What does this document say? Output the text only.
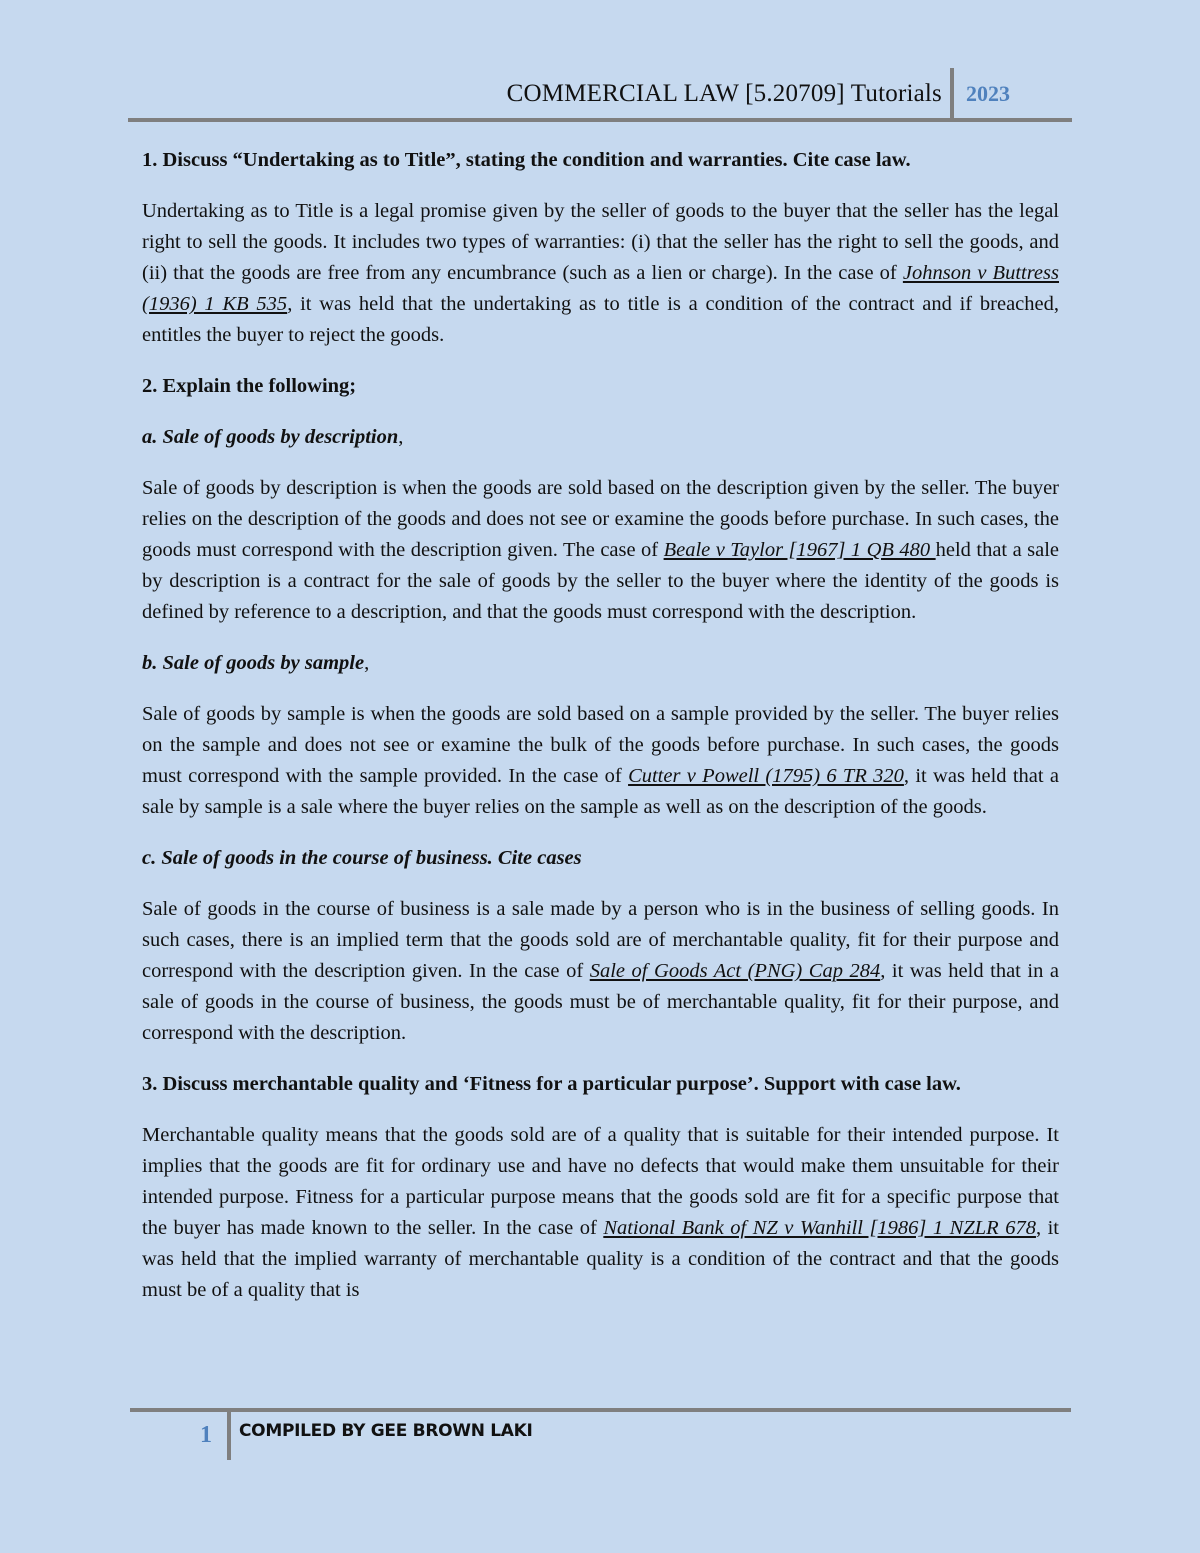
COMMERCIAL LAW [5.20709] Tutorials 2023

1. Discuss “Undertaking as to Title”, stating the condition and warranties. Cite case law.

Undertaking as to Title is a legal promise given by the seller of goods to the buyer that the seller has the legal right to sell the goods. It includes two types of warranties: (i) that the seller has the right to sell the goods, and (ii) that the goods are free from any encumbrance (such as a lien or charge). In the case of Johnson v Buttress (1936) 1 KB 535, it was held that the undertaking as to title is a condition of the contract and if breached, entitles the buyer to reject the goods.

2. Explain the following;

a. Sale of goods by description,

Sale of goods by description is when the goods are sold based on the description given by the seller. The buyer relies on the description of the goods and does not see or examine the goods before purchase. In such cases, the goods must correspond with the description given. The case of Beale v Taylor [1967] 1 QB 480 held that a sale by description is a contract for the sale of goods by the seller to the buyer where the identity of the goods is defined by reference to a description, and that the goods must correspond with the description.

b. Sale of goods by sample,

Sale of goods by sample is when the goods are sold based on a sample provided by the seller. The buyer relies on the sample and does not see or examine the bulk of the goods before purchase. In such cases, the goods must correspond with the sample provided. In the case of Cutter v Powell (1795) 6 TR 320, it was held that a sale by sample is a sale where the buyer relies on the sample as well as on the description of the goods.

c. Sale of goods in the course of business. Cite cases

Sale of goods in the course of business is a sale made by a person who is in the business of selling goods. In such cases, there is an implied term that the goods sold are of merchantable quality, fit for their purpose and correspond with the description given. In the case of Sale of Goods Act (PNG) Cap 284, it was held that in a sale of goods in the course of business, the goods must be of merchantable quality, fit for their purpose, and correspond with the description.

3. Discuss merchantable quality and ‘Fitness for a particular purpose’. Support with case law.

Merchantable quality means that the goods sold are of a quality that is suitable for their intended purpose. It implies that the goods are fit for ordinary use and have no defects that would make them unsuitable for their intended purpose. Fitness for a particular purpose means that the goods sold are fit for a specific purpose that the buyer has made known to the seller. In the case of National Bank of NZ v Wanhill [1986] 1 NZLR 678, it was held that the implied warranty of merchantable quality is a condition of the contract and that the goods must be of a quality that is

1 COMPILED BY GEE BROWN LAKI
